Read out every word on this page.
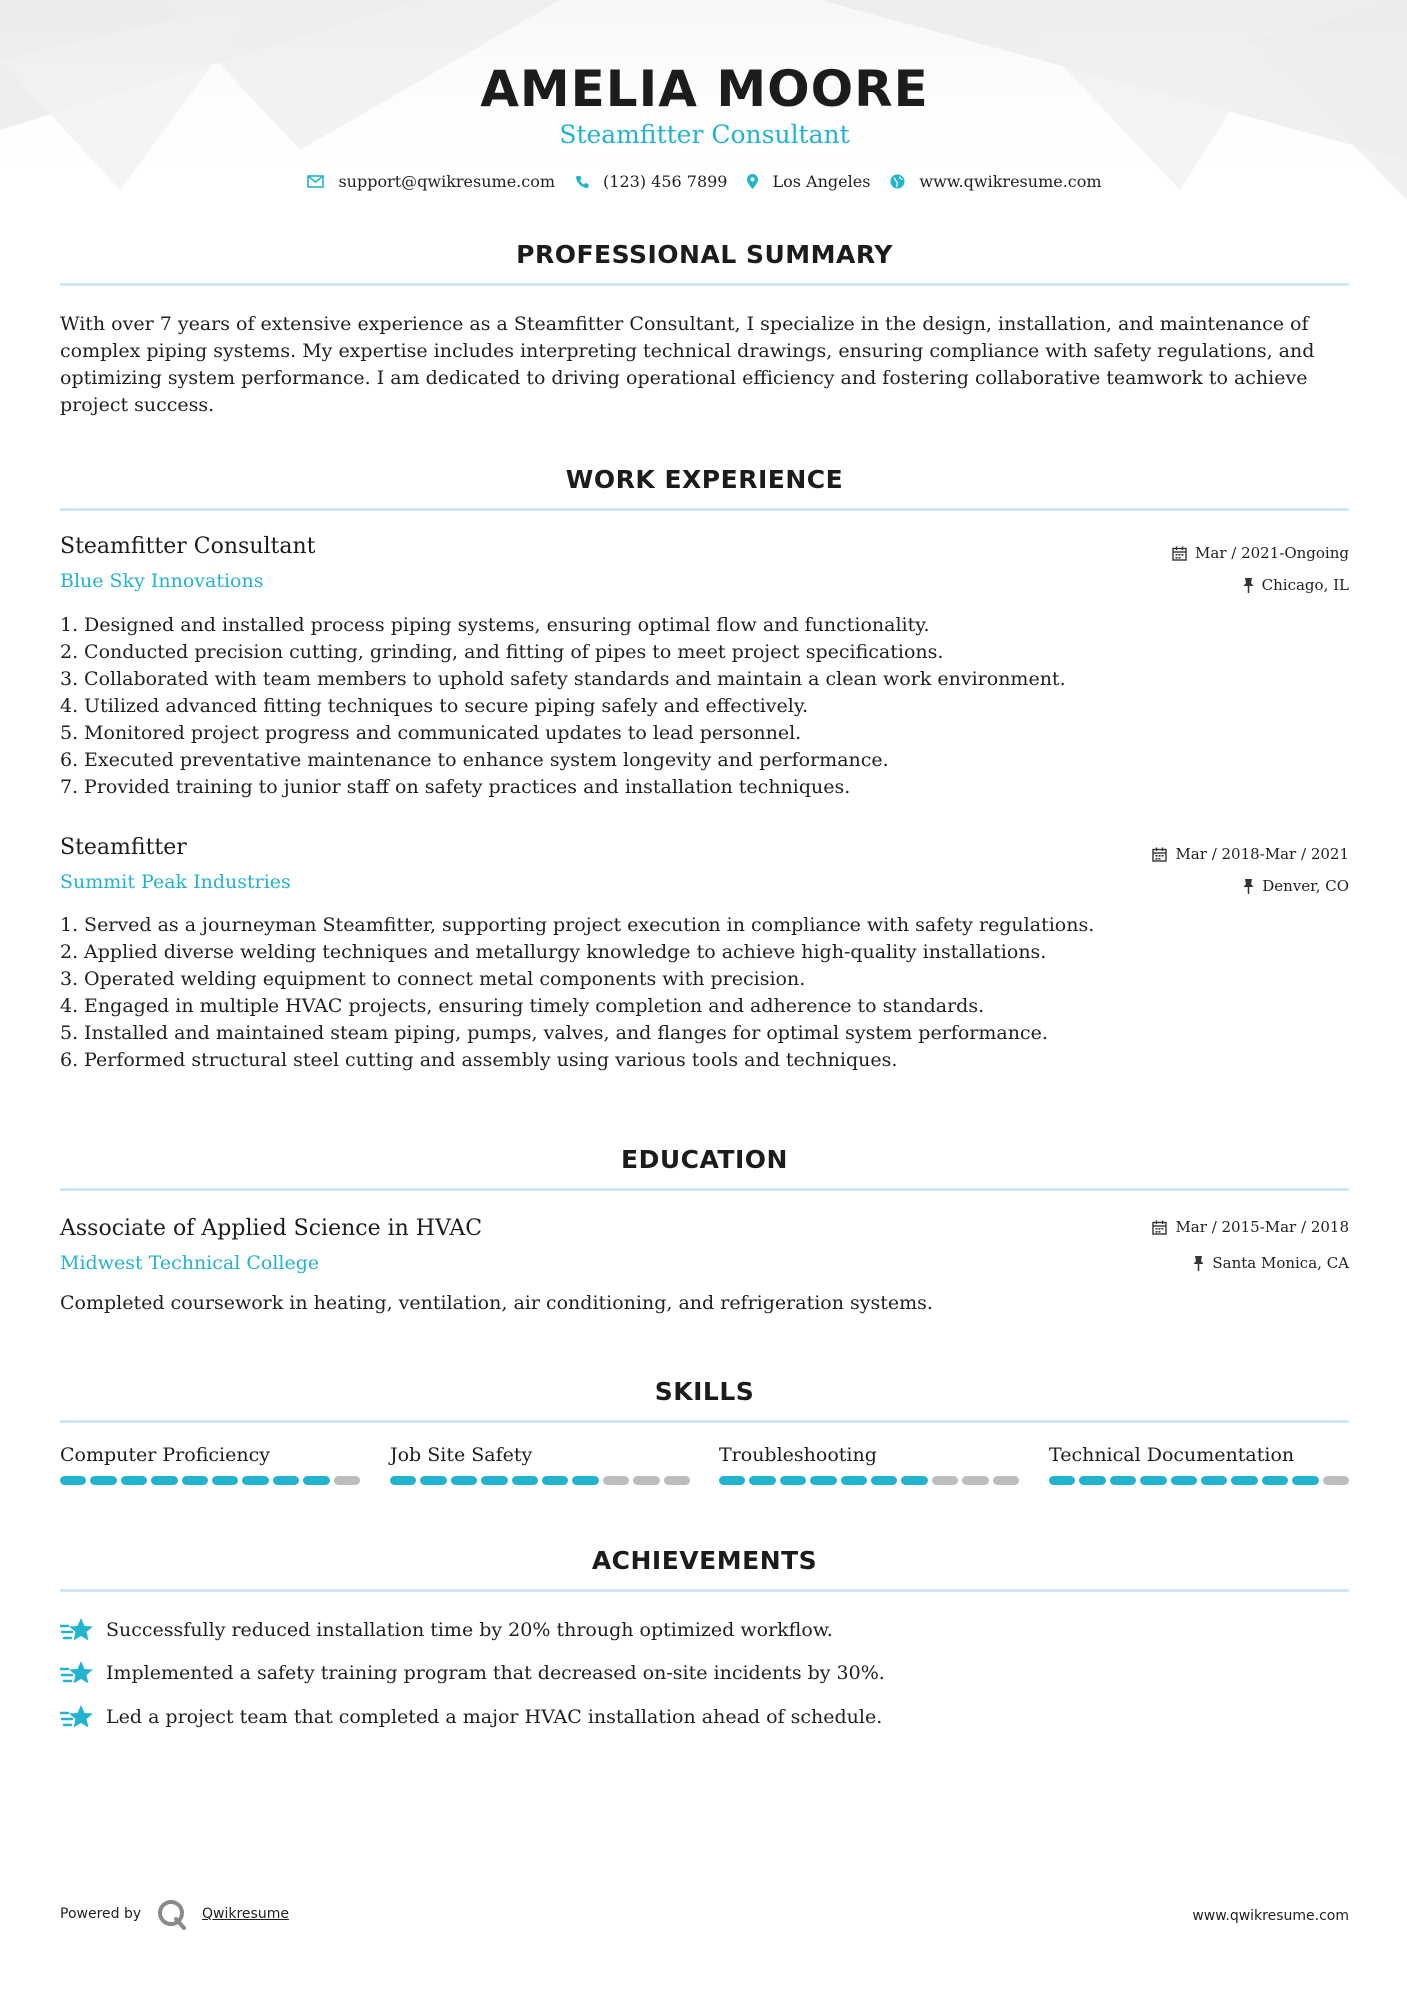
AMELIA MOORE
Steamfitter Consultant
support@qwikresume.com	(123) 456 7899	Los Angeles	www.qwikresume.com
PROFESSIONAL SUMMARY
With over 7 years of extensive experience as a Steamfitter Consultant, I specialize in the design, installation, and maintenance of
complex piping systems. My expertise includes interpreting technical drawings, ensuring compliance with safety regulations, and
optimizing system performance. I am dedicated to driving operational efficiency and fostering collaborative teamwork to achieve
project success.
WORK EXPERIENCE
Steamfitter Consultant
Blue Sky Innovations
Mar / 2021-Ongoing
Chicago, IL
1.
Designed and installed process piping systems, ensuring optimal flow and functionality.
2.
Conducted precision cutting, grinding, and fitting of pipes to meet project specifications.
3.
Collaborated with team members to uphold safety standards and maintain a clean work environment.
4.
Utilized advanced fitting techniques to secure piping safely and effectively.
5.
Monitored project progress and communicated updates to lead personnel.
6.
Executed preventative maintenance to enhance system longevity and performance.
7.
Provided training to junior staff on safety practices and installation techniques.
Steamfitter
Summit Peak Industries
Mar / 2018-Mar / 2021
Denver, CO
1.
Served as a journeyman Steamfitter, supporting project execution in compliance with safety regulations.
2.
Applied diverse welding techniques and metallurgy knowledge to achieve high-quality installations.
3.
Operated welding equipment to connect metal components with precision.
4.
Engaged in multiple HVAC projects, ensuring timely completion and adherence to standards.
5.
Installed and maintained steam piping, pumps, valves, and flanges for optimal system performance.
6.
Performed structural steel cutting and assembly using various tools and techniques.
EDUCATION
Associate of Applied Science in HVAC
Midwest Technical College
Mar / 2015-Mar / 2018
Santa Monica, CA
Completed coursework in heating, ventilation, air conditioning, and refrigeration systems.
SKILLS
Computer Proficiency	Job Site Safety	Troubleshooting	Technical Documentation
ACHIEVEMENTS
Successfully reduced installation time by 20% through optimized workflow.
Implemented a safety training program that decreased on-site incidents by 30%.
Led a project team that completed a major HVAC installation ahead of schedule.
Powered by	Qwikresume	www.qwikresume.com
